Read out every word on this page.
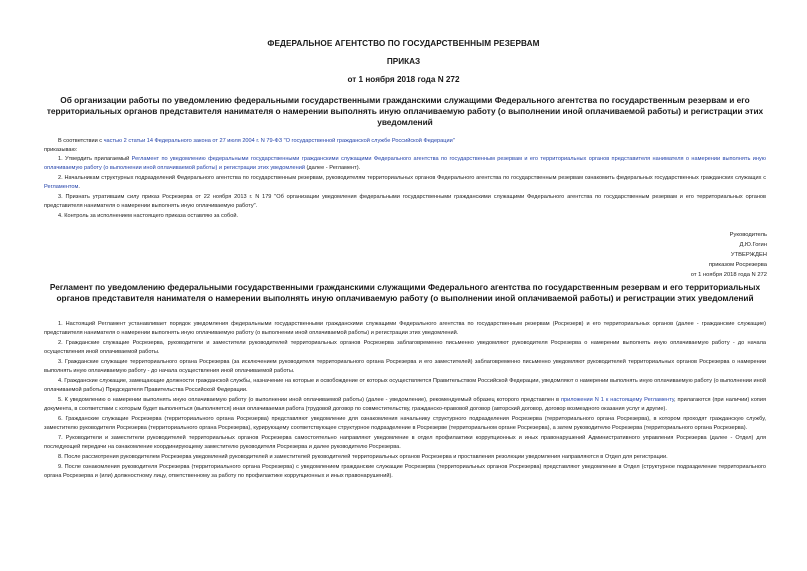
ФЕДЕРАЛЬНОЕ АГЕНТСТВО ПО ГОСУДАРСТВЕННЫМ РЕЗЕРВАМ
ПРИКАЗ
от 1 ноября 2018 года N 272
Об организации работы по уведомлению федеральными государственными гражданскими служащими Федерального агентства по государственным резервам и его территориальных органов представителя нанимателя о намерении выполнять иную оплачиваемую работу (о выполнении иной оплачиваемой работы) и регистрации этих уведомлений
В соответствии с частью 2 статьи 14 Федерального закона от 27 июля 2004 г. N 79-ФЗ "О государственной гражданской службе Российской Федерации"
приказываю:

1. Утвердить прилагаемый Регламент по уведомлению федеральными государственными гражданскими служащими Федерального агентства по государственным резервам и его территориальных органов представителя нанимателя о намерении выполнять иную оплачиваемую работу (о выполнении иной оплачиваемой работы) и регистрации этих уведомлений (далее - Регламент).

2. Начальникам структурных подразделений Федерального агентства по государственным резервам, руководителям территориальных органов Федерального агентства по государственным резервам ознакомить федеральных государственных гражданских служащих с Регламентом.

3. Признать утратившим силу приказ Росрезерва от 22 ноября 2013 г. N 179 "Об организации уведомления федеральными государственными гражданскими служащими Федерального агентства по государственным резервам и его территориальных органов представителя нанимателя о намерении выполнять иную оплачиваемую работу".

4. Контроль за исполнением настоящего приказа оставляю за собой.

Руководитель
Д.Ю.Гогин
УТВЕРЖДЕН
приказом Росрезерва
от 1 ноября 2018 года N 272
Регламент по уведомлению федеральными государственными гражданскими служащими Федерального агентства по государственным резервам и его территориальных органов представителя нанимателя о намерении выполнять иную оплачиваемую работу (о выполнении иной оплачиваемой работы) и регистрации этих уведомлений

1. Настоящий Регламент устанавливает порядок уведомления федеральными государственными гражданскими служащими Федерального агентства по государственным резервам (Росрезерв) и его территориальных органов (далее - гражданские служащие) представителя нанимателя о намерении выполнять иную оплачиваемую работу (о выполнении иной оплачиваемой работы) и регистрации этих уведомлений.

2. Гражданские служащие Росрезерва, руководители и заместители руководителей территориальных органов Росрезерва заблаговременно письменно уведомляют руководителя Росрезерва о намерении выполнять иную оплачиваемую работу - до начала осуществления иной оплачиваемой работы.

3. Гражданские служащие территориального органа Росрезерва (за исключением руководителя территориального органа Росрезерва и его заместителей) заблаговременно письменно уведомляют руководителей территориальных органов Росрезерва о намерении выполнять иную оплачиваемую работу - до начала осуществления иной оплачиваемой работы.

4. Гражданские служащие, замещающие должности гражданской службы, назначение на которые и освобождение от которых осуществляется Правительством Российской Федерации, уведомляют о намерении выполнять иную оплачиваемую работу (о выполнении иной оплачиваемой работы) Председателя Правительства Российской Федерации.

5. К уведомлению о намерении выполнять иную оплачиваемую работу (о выполнении иной оплачиваемой работы) (далее - уведомление), рекомендуемый образец которого представлен в приложении N 1 к настоящему Регламенту, прилагаются (при наличии) копия документа, в соответствии с которым будет выполняться (выполняется) иная оплачиваемая работа (трудовой договор по совместительству, гражданско-правовой договор (авторский договор, договор возмездного оказания услуг и другие).

6. Гражданские служащие Росрезерва (территориального органа Росрезерва) представляют уведомление для ознакомления начальнику структурного подразделения Росрезерва (территориального органа Росрезерва), в котором проходят гражданскую службу, заместителю руководителя Росрезерва (территориального органа Росрезерва), курирующему соответствующее структурное подразделение в Росрезерве (территориальном органе Росрезерва), а затем руководителю Росрезерва (территориального органа Росрезерва).

7. Руководители и заместители руководителей территориальных органов Росрезерва самостоятельно направляют уведомление в отдел профилактики коррупционных и иных правонарушений Административного управления Росрезерва (далее - Отдел) для последующей передачи на ознакомление координирующему заместителю руководителя Росрезерва и далее руководителю Росрезерва.

8. После рассмотрения руководителем Росрезерва уведомлений руководителей и заместителей руководителей территориальных органов Росрезерва и проставления резолюции уведомления направляются в Отдел для регистрации.

9. После ознакомления руководителя Росрезерва (территориального органа Росрезерва) с уведомлением гражданские служащие Росрезерва (территориальных органов Росрезерва) представляют уведомление в Отдел (структурное подразделение территориального органа Росрезерва и (или) должностному лицу, ответственному за работу по профилактике коррупционных и иных правонарушений).
